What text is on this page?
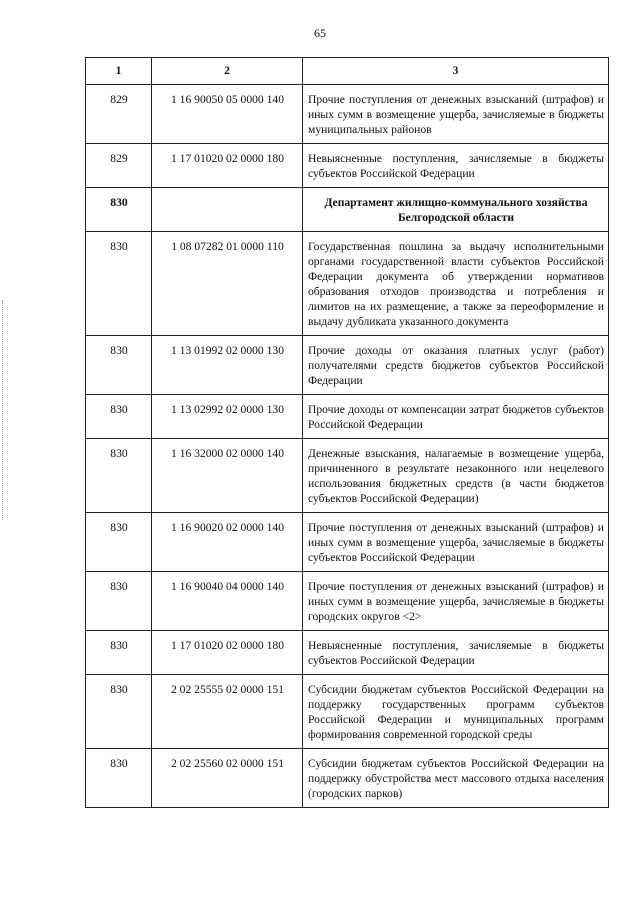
65
1	2	3
829	1 16 90050 05 0000 140	Прочие поступления от денежных взысканий (штрафов) и иных сумм в возмещение ущерба, зачисляемые в бюджеты муниципальных районов
829	1 17 01020 02 0000 180	Невыясненные поступления, зачисляемые в бюджеты субъектов Российской Федерации
830		Департамент жилищно-коммунального хозяйства Белгородской области
830	1 08 07282 01 0000 110	Государственная пошлина за выдачу исполнительными органами государственной власти субъектов Российской Федерации документа об утверждении нормативов образования отходов производства и потребления и лимитов на их размещение, а также за переоформление и выдачу дубликата указанного документа
830	1 13 01992 02 0000 130	Прочие доходы от оказания платных услуг (работ) получателями средств бюджетов субъектов Российской Федерации
830	1 13 02992 02 0000 130	Прочие доходы от компенсации затрат бюджетов субъектов Российской Федерации
830	1 16 32000 02 0000 140	Денежные взыскания, налагаемые в возмещение ущерба, причиненного в результате незаконного или нецелевого использования бюджетных средств (в части бюджетов субъектов Российской Федерации)
830	1 16 90020 02 0000 140	Прочие поступления от денежных взысканий (штрафов) и иных сумм в возмещение ущерба, зачисляемые в бюджеты субъектов Российской Федерации
830	1 16 90040 04 0000 140	Прочие поступления от денежных взысканий (штрафов) и иных сумм в возмещение ущерба, зачисляемые в бюджеты городских округов <2>
830	1 17 01020 02 0000 180	Невыясненные поступления, зачисляемые в бюджеты субъектов Российской Федерации
830	2 02 25555 02 0000 151	Субсидии бюджетам субъектов Российской Федерации на поддержку государственных программ субъектов Российской Федерации и муниципальных программ формирования современной городской среды
830	2 02 25560 02 0000 151	Субсидии бюджетам субъектов Российской Федерации на поддержку обустройства мест массового отдыха населения (городских парков)
